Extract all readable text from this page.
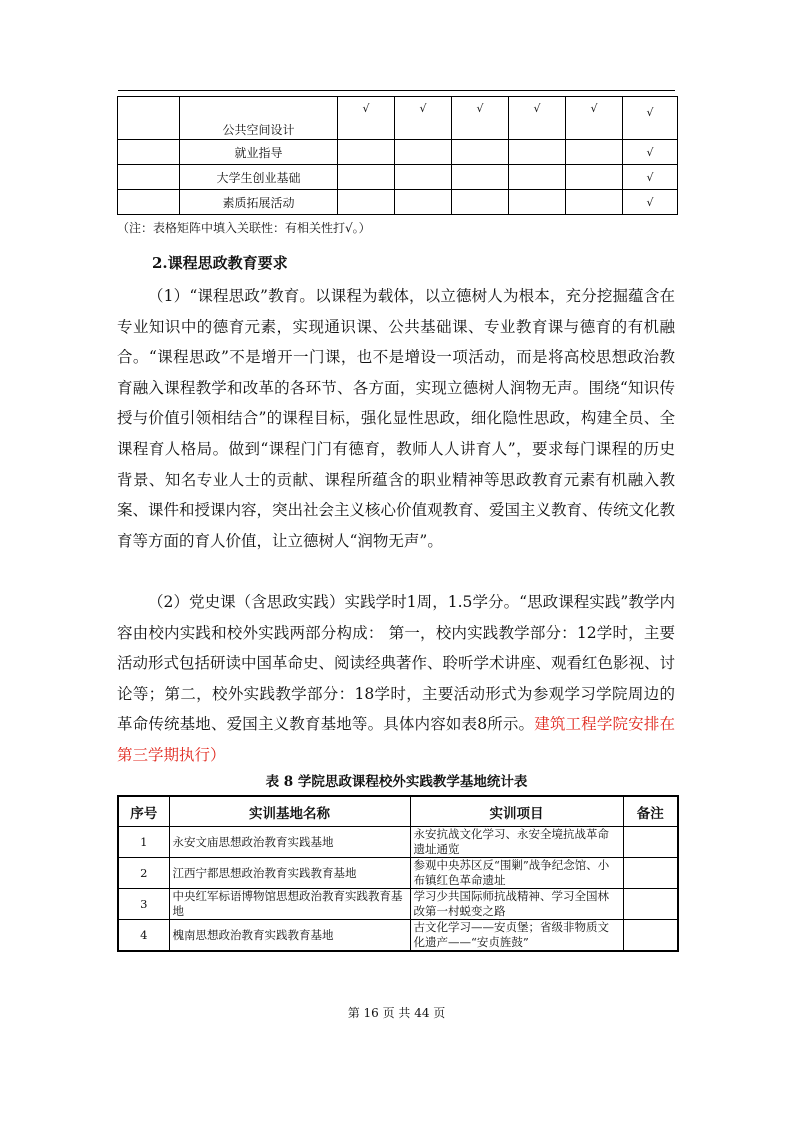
	公共空间设计	√	√	√	√	√	√
	就业指导						√
	大学生创业基础						√
	素质拓展活动						√
（注：表格矩阵中填入关联性：有相关性打√。）
2.课程思政教育要求

（1）“课程思政”教育。以课程为载体，以立德树人为根本，充分挖掘蕴含在专业知识中的德育元素，实现通识课、公共基础课、专业教育课与德育的有机融合。“课程思政”不是增开一门课，也不是增设一项活动，而是将高校思想政治教育融入课程教学和改革的各环节、各方面，实现立德树人润物无声。围绕“知识传授与价值引领相结合”的课程目标，强化显性思政，细化隐性思政，构建全员、全课程育人格局。做到“课程门门有德育，教师人人讲育人”，要求每门课程的历史背景、知名专业人士的贡献、课程所蕴含的职业精神等思政教育元素有机融入教案、课件和授课内容，突出社会主义核心价值观教育、爱国主义教育、传统文化教育等方面的育人价值，让立德树人“润物无声”。

（2）党史课（含思政实践）实践学时1周，1.5学分。“思政课程实践”教学内容由校内实践和校外实践两部分构成： 第一，校内实践教学部分：12学时，主要活动形式包括研读中国革命史、阅读经典著作、聆听学术讲座、观看红色影视、讨论等；第二，校外实践教学部分：18学时，主要活动形式为参观学习学院周边的革命传统基地、爱国主义教育基地等。具体内容如表8所示。建筑工程学院安排在第三学期执行）

表 8 学院思政课程校外实践教学基地统计表
序号	实训基地名称	实训项目	备注
1	永安文庙思想政治教育实践基地	永安抗战文化学习、永安全境抗战革命遗址通览	
2	江西宁都思想政治教育实践教育基地	参观中央苏区反“围剿”战争纪念馆、小布镇红色革命遗址	
3	中央红军标语博物馆思想政治教育实践教育基地	学习少共国际师抗战精神、学习全国林改第一村蜕变之路	
4	槐南思想政治教育实践教育基地	古文化学习——安贞堡；省级非物质文化遗产——“安贞旌鼓”	
第 16 页 共 44 页
